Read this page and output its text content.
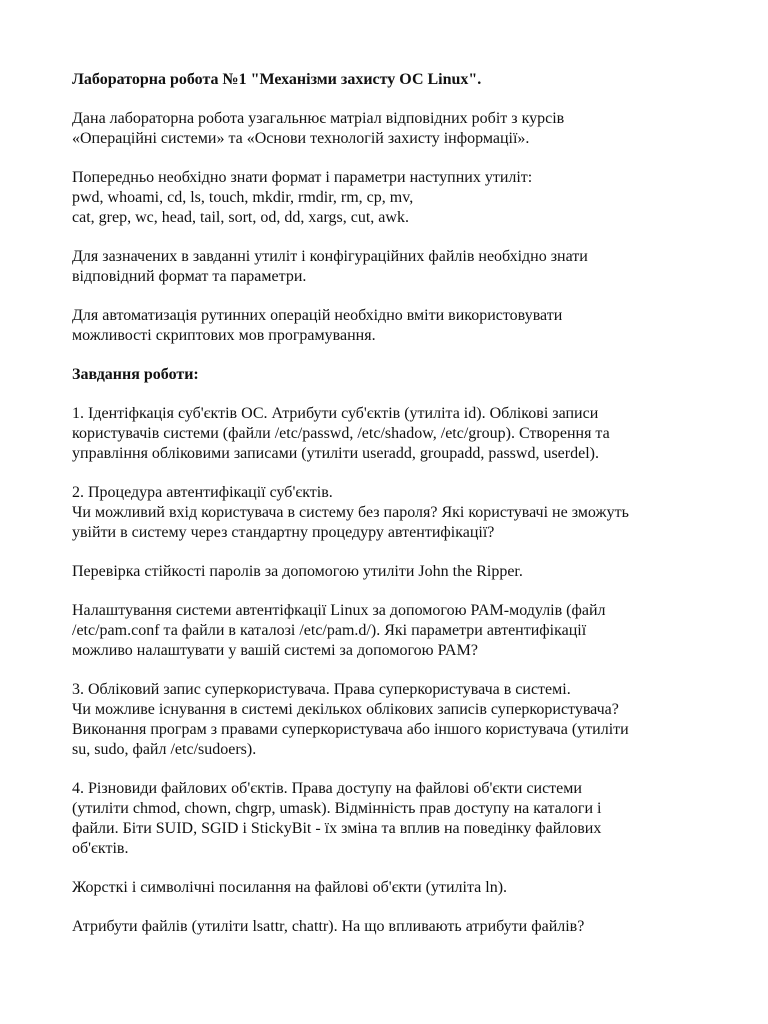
Лабораторна робота №1 "Механізми захисту ОС Linux".

Дана лабораторна робота узагальнює матріал відповідних робіт з курсів
«Операційні системи» та «Основи технологій захисту інформації».

Попередньо необхідно знати формат і параметри наступних утиліт:
pwd, whoami, cd, ls, touch, mkdir, rmdir, rm, cp, mv,
cat, grep, wc, head, tail, sort, od, dd, xargs, cut, awk.

Для зазначених в завданні утиліт і конфігураційних файлів необхідно знати
відповідний формат та параметри.

Для автоматизація рутинних операцій необхідно вміти використовувати
можливості скриптових мов програмування.

Завдання роботи:

1. Ідентіфкація суб'єктів ОС. Атрибути суб'єктів (утиліта id). Облікові записи
користувачів системи (файли /etc/passwd, /etc/shadow, /etc/group). Створення та
управління обліковими записами (утиліти useradd, groupadd, passwd, userdel).

2. Процедура автентифікації суб'єктів.
Чи можливий вхід користувача в систему без пароля? Які користувачі не зможуть
увійти в систему через стандартну процедуру автентифікації?

Перевірка стійкості паролів за допомогою утиліти John the Ripper.

Налаштування системи автентіфкації Linux за допомогою PAM-модулів (файл
/etc/pam.conf та файли в каталозі /etc/pam.d/). Які параметри автентифікації
можливо налаштувати у вашій системі за допомогою PAM?

3. Обліковий запис суперкористувача. Права суперкористувача в системі.
Чи можливе існування в системі декількох облікових записів суперкористувача?
Виконання програм з правами суперкористувача або іншого користувача (утиліти
su, sudo, файл /etc/sudoers).

4. Різновиди файлових об'єктів. Права доступу на файлові об'єкти системи
(утиліти chmod, chown, chgrp, umask). Відмінність прав доступу на каталоги і
файли. Біти SUID, SGID і StickyBit - їх зміна та вплив на поведінку файлових
об'єктів.

Жорсткі і символічні посилання на файлові об'єкти (утиліта ln).

Атрибути файлів (утиліти lsattr, chattr). На що впливають атрибути файлів?
